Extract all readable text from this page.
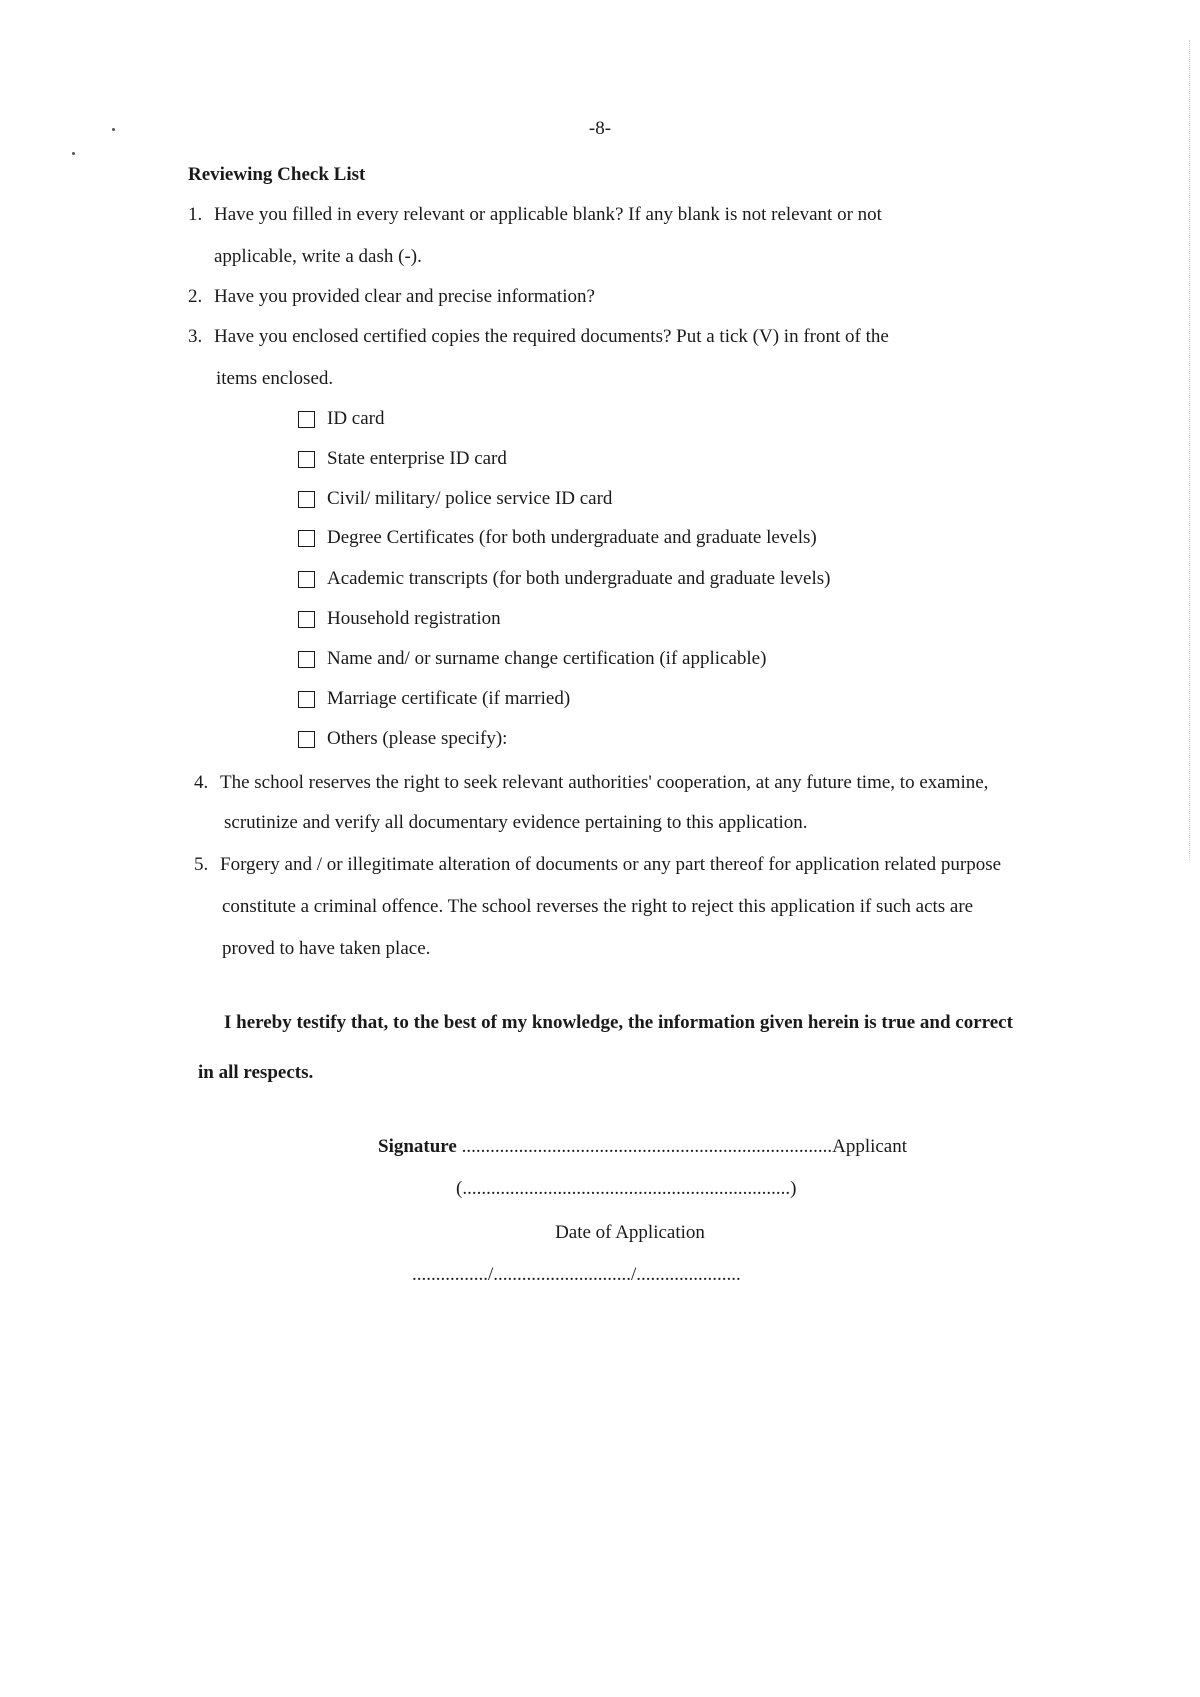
-8-
Reviewing Check List
1. Have you filled in every relevant or applicable blank? If any blank is not relevant or not
applicable, write a dash (-).
2. Have you provided clear and precise information?
3. Have you enclosed certified copies the required documents? Put a tick (V) in front of the
items enclosed.
ID card
State enterprise ID card
Civil/ military/ police service ID card
Degree Certificates (for both undergraduate and graduate levels)
Academic transcripts (for both undergraduate and graduate levels)
Household registration
Name and/ or surname change certification (if applicable)
Marriage certificate (if married)
Others (please specify):
4. The school reserves the right to seek relevant authorities' cooperation, at any future time, to examine,
scrutinize and verify all documentary evidence pertaining to this application.
5. Forgery and / or illegitimate alteration of documents or any part thereof for application related purpose
constitute a criminal offence. The school reverses the right to reject this application if such acts are
proved to have taken place.
I hereby testify that, to the best of my knowledge, the information given herein is true and correct
in all respects.
Signature ..............................................................................Applicant
(.....................................................................)
Date of Application
................/............................./......................
